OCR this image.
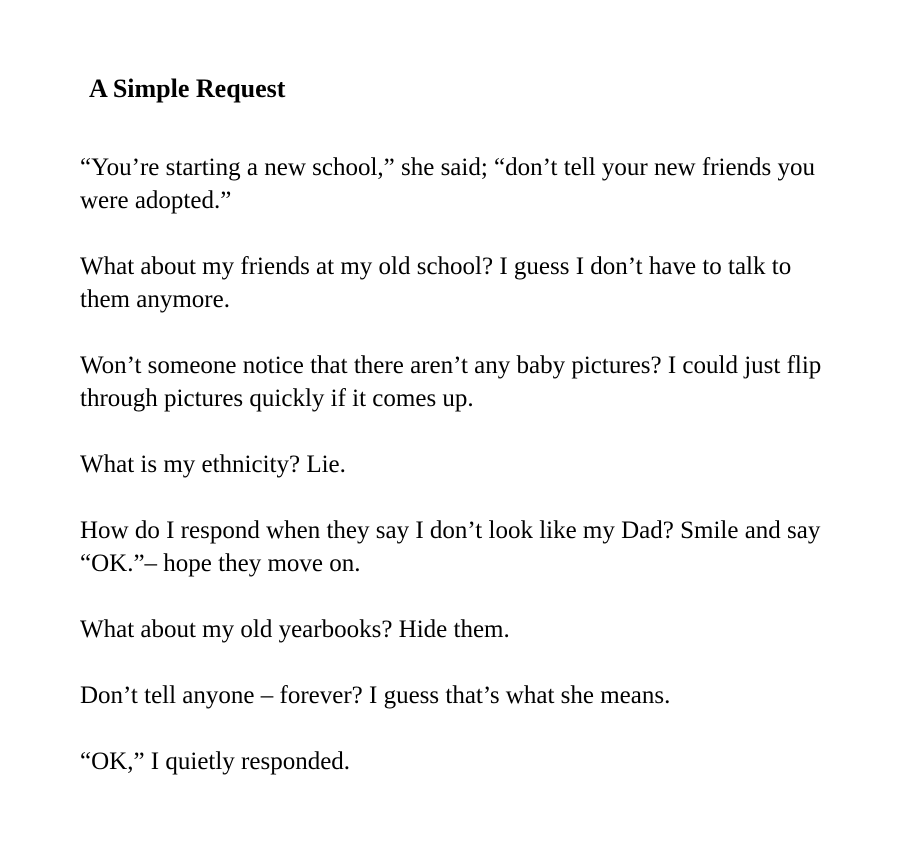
A Simple Request

“You’re starting a new school,” she said; “don’t tell your new friends you were adopted.”

What about my friends at my old school? I guess I don’t have to talk to them anymore.

Won’t someone notice that there aren’t any baby pictures? I could just flip through pictures quickly if it comes up.

What is my ethnicity? Lie.

How do I respond when they say I don’t look like my Dad? Smile and say “OK.”– hope they move on.

What about my old yearbooks? Hide them.

Don’t tell anyone – forever? I guess that’s what she means.

“OK,” I quietly responded.
